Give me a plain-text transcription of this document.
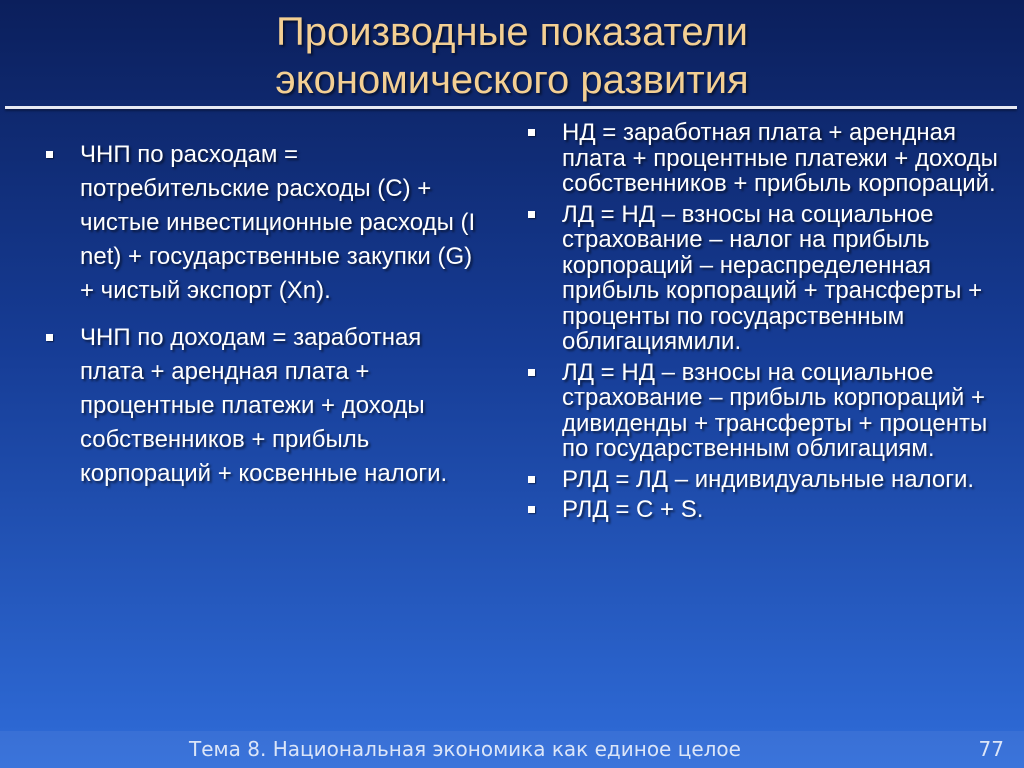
Производные показатели
экономического развития
ЧНП по расходам = потребительские расходы (С) + чистые инвестиционные расходы (I net) + государственные закупки (G) + чистый экспорт (Xn).
ЧНП по доходам = заработная плата + арендная плата + процентные платежи + доходы собственников + прибыль корпораций + косвенные налоги.
НД = заработная плата + арендная плата + процентные платежи + доходы собственников + прибыль корпораций.
ЛД = НД – взносы на социальное страхование – налог на прибыль корпораций – нераспределенная прибыль корпораций + трансферты + проценты по государственным облигациямили.
ЛД = НД – взносы на социальное страхование – прибыль корпораций + дивиденды + трансферты + проценты по государственным облигациям.
РЛД = ЛД – индивидуальные налоги.
РЛД = С + S.
Тема 8. Национальная экономика как единое целое	77
